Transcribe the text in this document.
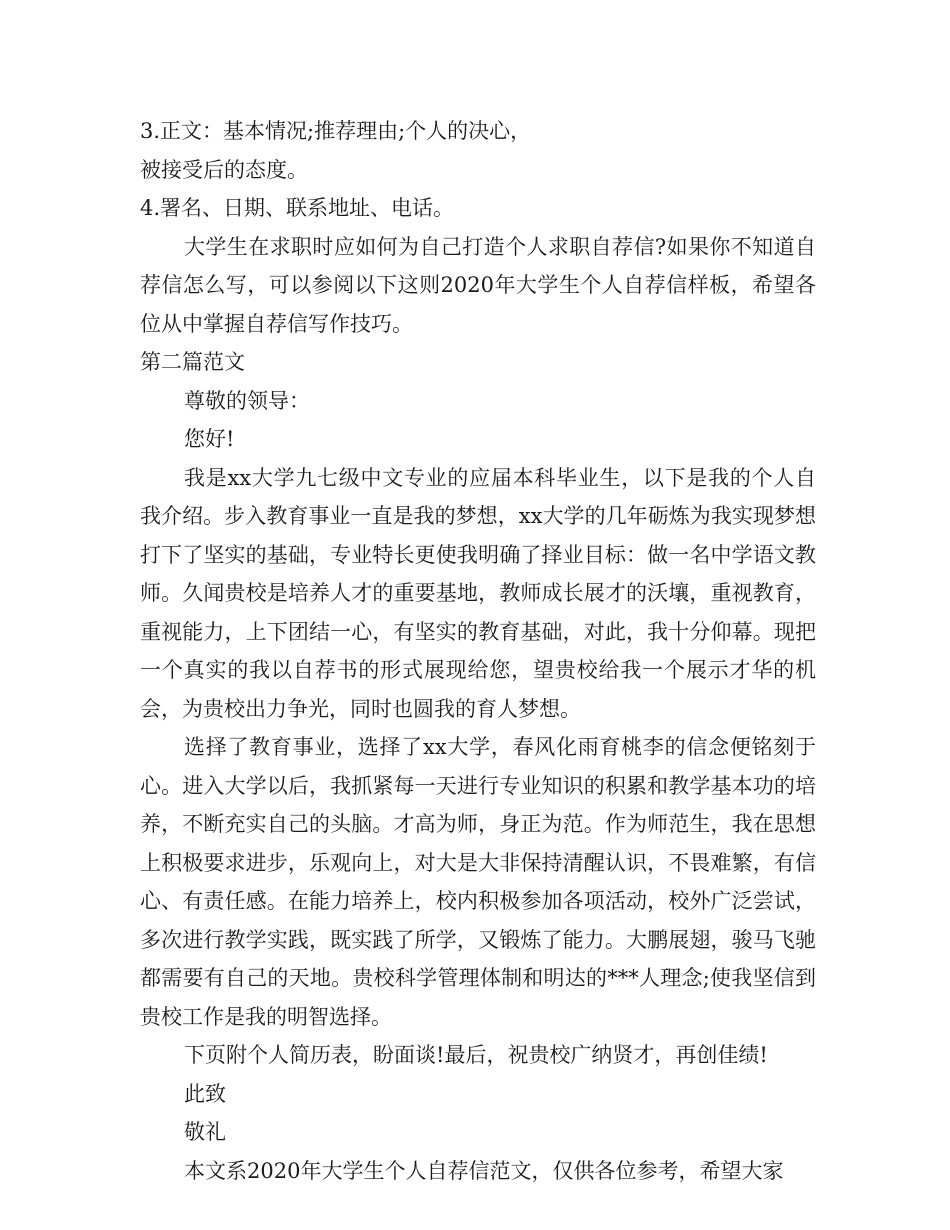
3.正文：基本情况;推荐理由;个人的决心，

被接受后的态度。

4.署名、日期、联系地址、电话。

大学生在求职时应如何为自己打造个人求职自荐信?如果你不知道自荐信怎么写，可以参阅以下这则2020年大学生个人自荐信样板，希望各位从中掌握自荐信写作技巧。

第二篇范文

尊敬的领导：

您好!

我是xx大学九七级中文专业的应届本科毕业生，以下是我的个人自我介绍。步入教育事业一直是我的梦想，xx大学的几年砺炼为我实现梦想打下了坚实的基础，专业特长更使我明确了择业目标：做一名中学语文教师。久闻贵校是培养人才的重要基地，教师成长展才的沃壤，重视教育，重视能力，上下团结一心，有坚实的教育基础，对此，我十分仰幕。现把一个真实的我以自荐书的形式展现给您，望贵校给我一个展示才华的机会，为贵校出力争光，同时也圆我的育人梦想。

选择了教育事业，选择了xx大学，春风化雨育桃李的信念便铭刻于心。进入大学以后，我抓紧每一天进行专业知识的积累和教学基本功的培养，不断充实自己的头脑。才高为师，身正为范。作为师范生，我在思想上积极要求进步，乐观向上，对大是大非保持清醒认识，不畏难繁，有信心、有责任感。在能力培养上，校内积极参加各项活动，校外广泛尝试，多次进行教学实践，既实践了所学，又锻炼了能力。大鹏展翅，骏马飞驰都需要有自己的天地。贵校科学管理体制和明达的***人理念;使我坚信到贵校工作是我的明智选择。

下页附个人简历表，盼面谈!最后，祝贵校广纳贤才，再创佳绩!

此致

敬礼

本文系2020年大学生个人自荐信范文，仅供各位参考，希望大家
